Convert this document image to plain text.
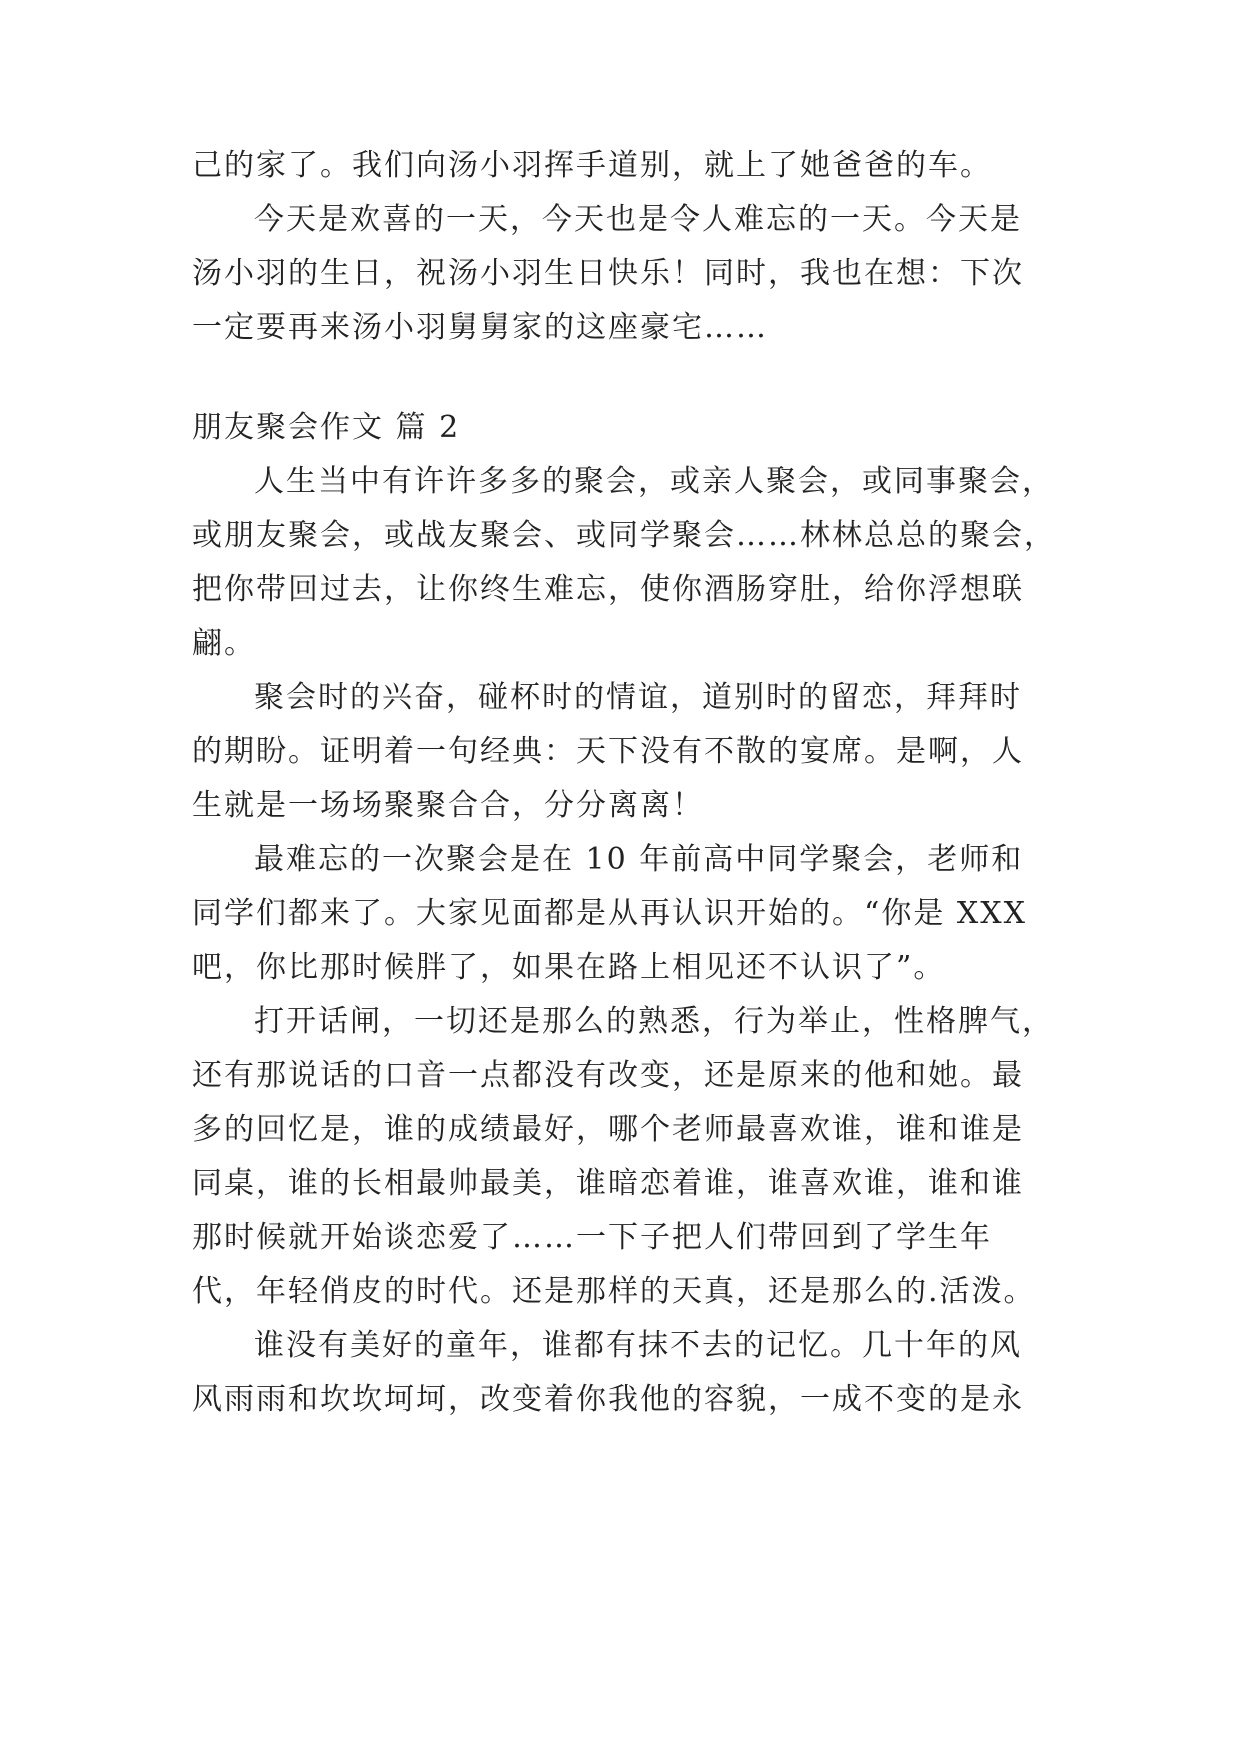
己的家了。我们向汤小羽挥手道别，就上了她爸爸的车。
今天是欢喜的一天，今天也是令人难忘的一天。今天是
汤小羽的生日，祝汤小羽生日快乐！同时，我也在想：下次
一定要再来汤小羽舅舅家的这座豪宅……
朋友聚会作文 篇 2
人生当中有许许多多的聚会，或亲人聚会，或同事聚会，
或朋友聚会，或战友聚会、或同学聚会……林林总总的聚会，
把你带回过去，让你终生难忘，使你酒肠穿肚，给你浮想联
翩。
聚会时的兴奋，碰杯时的情谊，道别时的留恋，拜拜时
的期盼。证明着一句经典：天下没有不散的宴席。是啊，人
生就是一场场聚聚合合，分分离离！
最难忘的一次聚会是在 10 年前高中同学聚会，老师和
同学们都来了。大家见面都是从再认识开始的。“你是 XXX
吧，你比那时候胖了，如果在路上相见还不认识了”。
打开话闸，一切还是那么的熟悉，行为举止，性格脾气，
还有那说话的口音一点都没有改变，还是原来的他和她。最
多的回忆是，谁的成绩最好，哪个老师最喜欢谁，谁和谁是
同桌，谁的长相最帅最美，谁暗恋着谁，谁喜欢谁，谁和谁
那时候就开始谈恋爱了……一下子把人们带回到了学生年
代，年轻俏皮的时代。还是那样的天真，还是那么的.活泼。
谁没有美好的童年，谁都有抹不去的记忆。几十年的风
风雨雨和坎坎坷坷，改变着你我他的容貌，一成不变的是永
